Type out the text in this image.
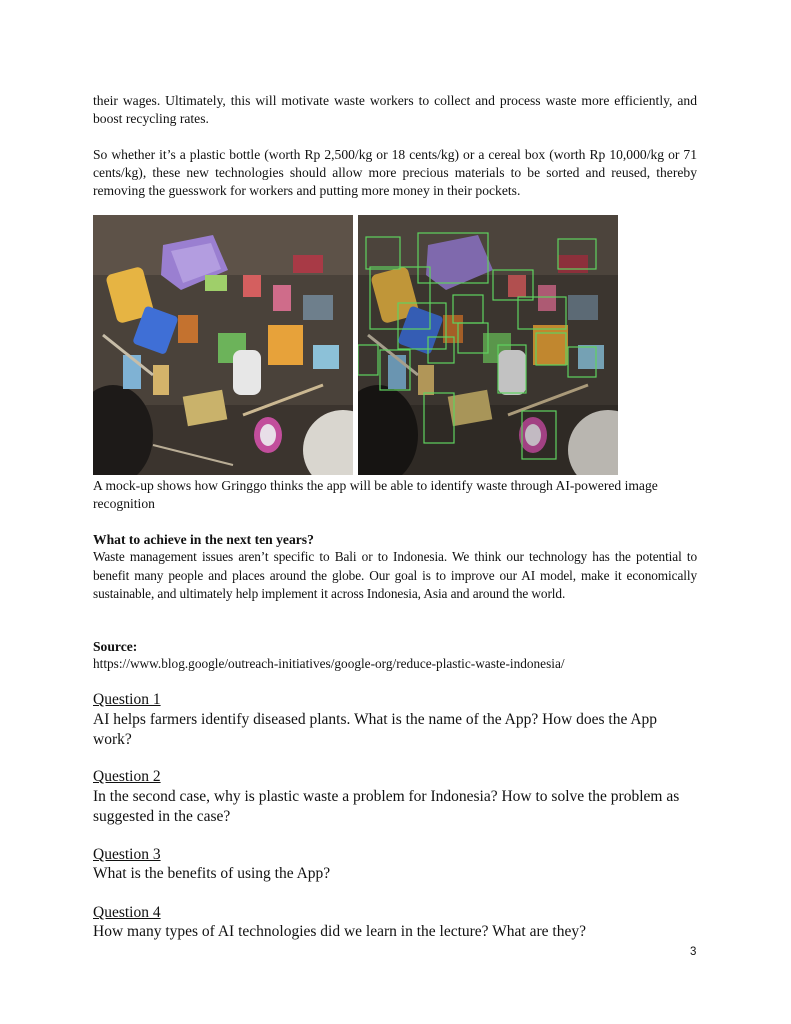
their wages. Ultimately, this will motivate waste workers to collect and process waste more efficiently, and boost recycling rates.

So whether it’s a plastic bottle (worth Rp 2,500/kg or 18 cents/kg) or a cereal box (worth Rp 10,000/kg or 71 cents/kg), these new technologies should allow more precious materials to be sorted and reused, thereby removing the guesswork for workers and putting more money in their pockets.

A mock-up shows how Gringgo thinks the app will be able to identify waste through AI-powered image recognition

What to achieve in the next ten years?

Waste management issues aren’t specific to Bali or to Indonesia. We think our technology has the potential to benefit many people and places around the globe. Our goal is to improve our AI model, make it economically sustainable, and ultimately help implement it across Indonesia, Asia and around the world.

Source:

https://www.blog.google/outreach-initiatives/google-org/reduce-plastic-waste-indonesia/

Question 1

AI helps farmers identify diseased plants. What is the name of the App? How does the App work?

Question 2

In the second case, why is plastic waste a problem for Indonesia? How to solve the problem as suggested in the case?

Question 3

What is the benefits of using the App?

Question 4

How many types of AI technologies did we learn in the lecture? What are they?

3
